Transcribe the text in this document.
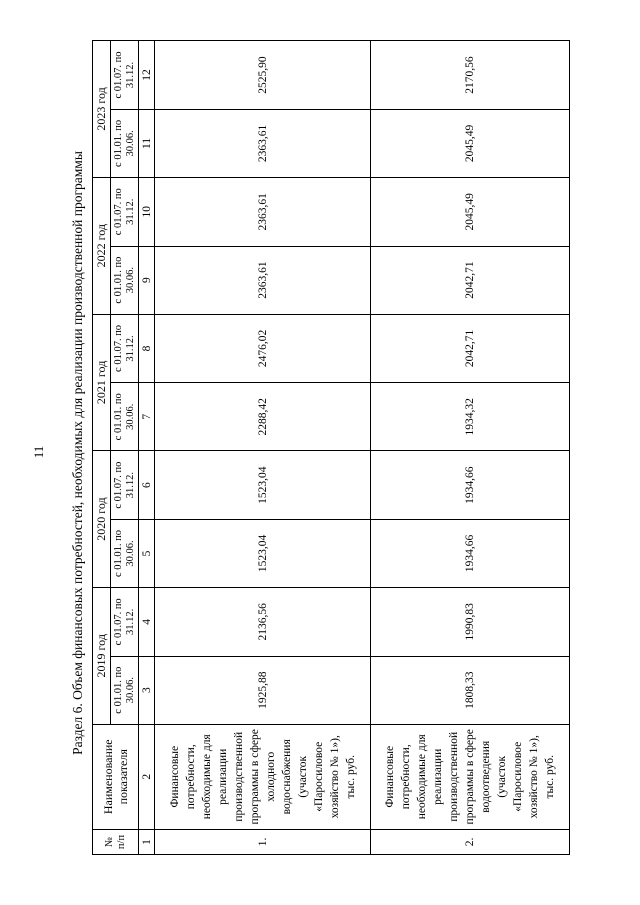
11 Раздел 6. Объем финансовых потребностей, необходимых для реализации производственной программы
№ п/п	Наименование показателя	2019 год		2020 год		2021 год		2022 год		2023 год	
		с 01.01. по 30.06.	с 01.07. по 31.12.	с 01.01. по 30.06.	с 01.07. по 31.12.	с 01.01. по 30.06.	с 01.07. по 31.12.	с 01.01. по 30.06.	с 01.07. по 31.12.	с 01.01. по 30.06.	с 01.07. по 31.12.
1	2	3	4	5	6	7	8	9	10	11	12
1.	Финансовые потребности, необходимые для реализации производственной программы в сфере холодного водоснабжения (участок «Паросиловое хозяйство № 1»), тыс. руб.	1925,88	2136,56	1523,04	1523,04	2288,42	2476,02	2363,61	2363,61	2363,61	2525,90
2.	Финансовые потребности, необходимые для реализации производственной программы в сфере водоотведения (участок «Паросиловое хозяйство № 1»), тыс. руб.	1808,33	1990,83	1934,66	1934,66	1934,32	2042,71	2042,71	2045,49	2045,49	2170,56
